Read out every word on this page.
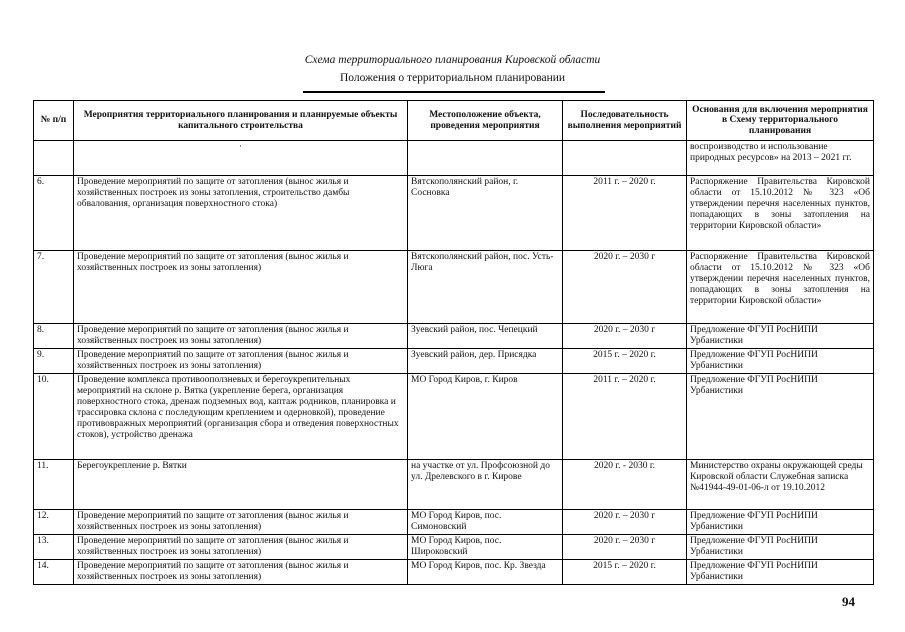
Схема территориального планирования Кировской области
Положения о территориальном планировании
№ п/п	Мероприятия территориального планирования и планируемые объекты капитального строительства	Местоположение объекта, проведения мероприятия	Последовательность выполнения мероприятий	Основания для включения мероприятия в Схему территориального планирования

	·			воспроизводство и использование природных ресурсов» на 2013 – 2021 гг.
6.	Проведение мероприятий по защите от затопления (вынос жилья и хозяйственных построек из зоны затопления, строительство дамбы обвалования, организация поверхностного стока)	Вятскополянский район, г. Сосновка	2011 г. – 2020 г.	Распоряжение Правительства Кировской области от 15.10.2012 № 323 «Об утверждении перечня населенных пунктов, попадающих в зоны затопления на территории Кировской области»
7.	Проведение мероприятий по защите от затопления (вынос жилья и хозяйственных построек из зоны затопления)	Вятскополянский район, пос. Усть-Люга	2020 г. – 2030 г	Распоряжение Правительства Кировской области от 15.10.2012 № 323 «Об утверждении перечня населенных пунктов, попадающих в зоны затопления на территории Кировской области»
8.	Проведение мероприятий по защите от затопления (вынос жилья и хозяйственных построек из зоны затопления)	Зуевский район, пос. Чепецкий	2020 г. – 2030 г	Предложение ФГУП РосНИПИ Урбанистики
9.	Проведение мероприятий по защите от затопления (вынос жилья и хозяйственных построек из зоны затопления)	Зуевский район, дер. Присядка	2015 г. – 2020 г.	Предложение ФГУП РосНИПИ Урбанистики
10.	Проведение комплекса противооползневых и берегоукрепительных мероприятий на склоне р. Вятка (укрепление берега, организация поверхностного стока, дренаж подземных вод, каптаж родников, планировка и трассировка склона с последующим креплением и одерновкой), проведение противовражных мероприятий (организация сбора и отведения поверхностных стоков), устройство дренажа	МО Город Киров, г. Киров	2011 г. – 2020 г.	Предложение ФГУП РосНИПИ Урбанистики
11.	Берегоукрепление р. Вятки	на участке от ул. Профсоюзной до ул. Дрелевского в г. Кирове	2020 г. - 2030 г.	Министерство охраны окружающей среды Кировской области Служебная записка №41944-49-01-06-л от 19.10.2012
12.	Проведение мероприятий по защите от затопления (вынос жилья и хозяйственных построек из зоны затопления)	МО Город Киров, пос. Симоновский	2020 г. – 2030 г	Предложение ФГУП РосНИПИ Урбанистики
13.	Проведение мероприятий по защите от затопления (вынос жилья и хозяйственных построек из зоны затопления)	МО Город Киров, пос. Широковский	2020 г. – 2030 г	Предложение ФГУП РосНИПИ Урбанистики
14.	Проведение мероприятий по защите от затопления (вынос жилья и хозяйственных построек из зоны затопления)	МО Город Киров, пос. Кр. Звезда	2015 г. – 2020 г.	Предложение ФГУП РосНИПИ Урбанистики
94
